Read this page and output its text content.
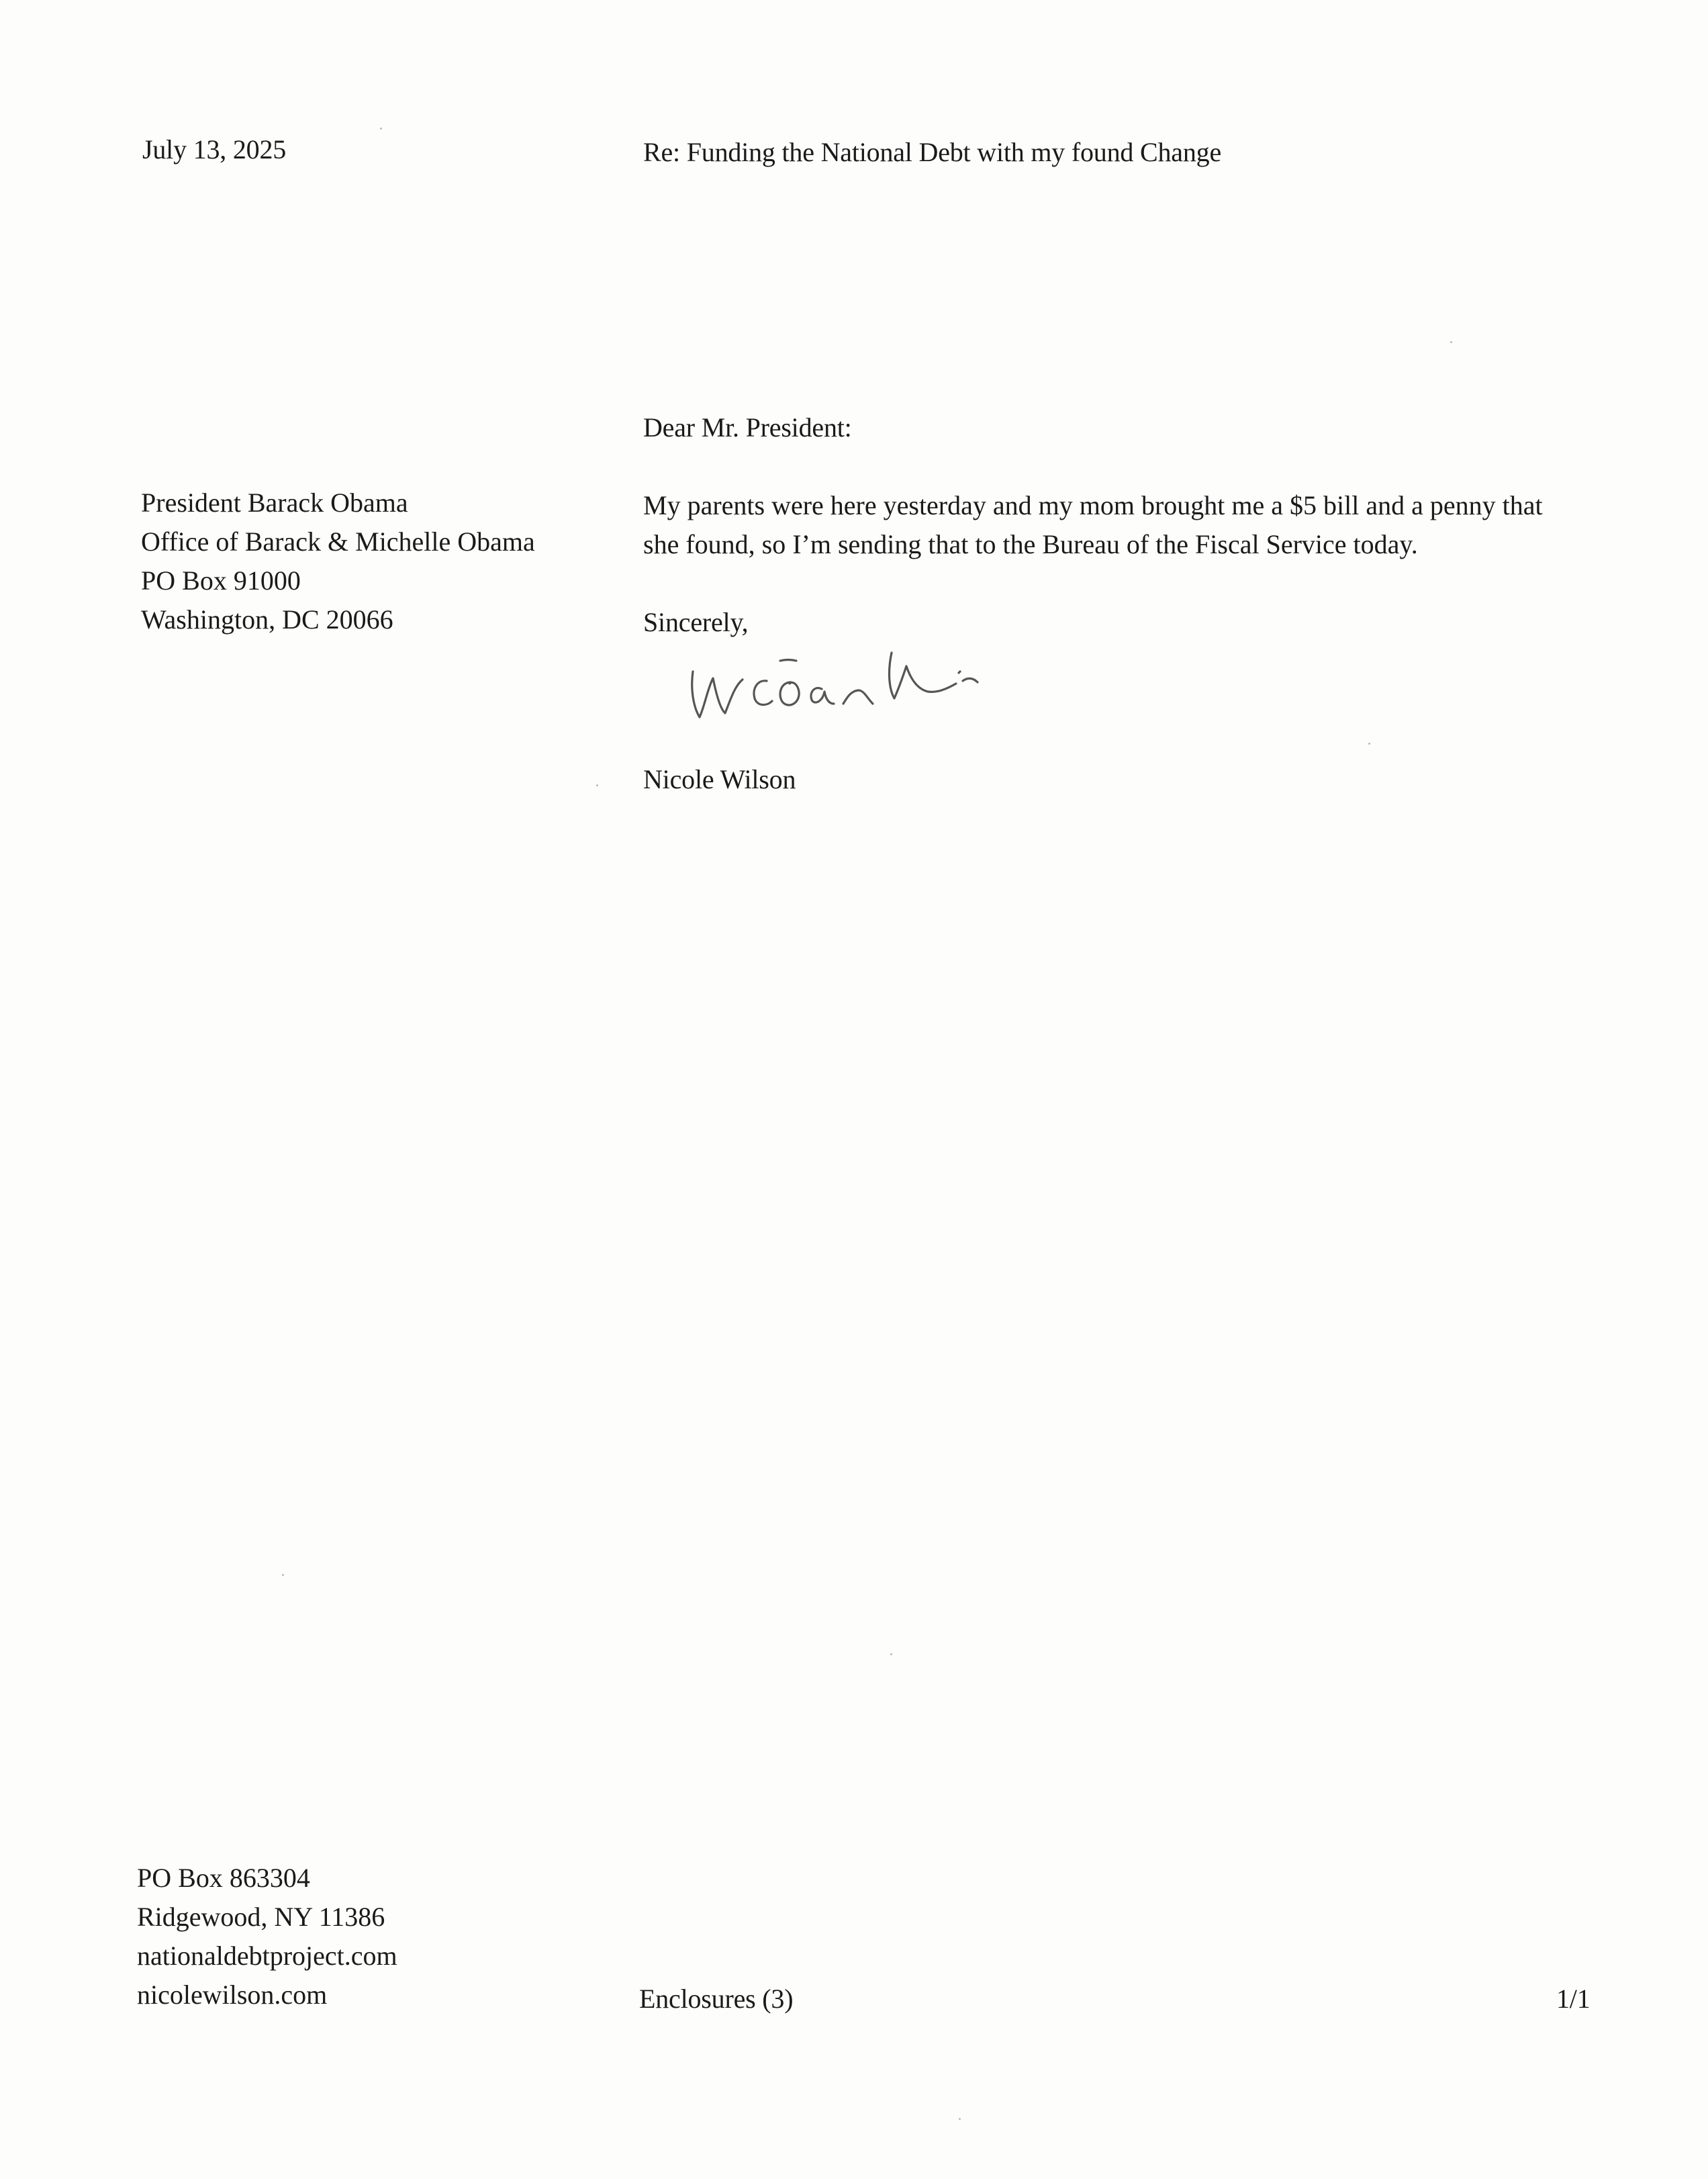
July 13, 2025	Re: Funding the National Debt with my found Change
President Barack Obama
Office of Barack & Michelle Obama
PO Box 91000
Washington, DC 20066
Dear Mr. President:
My parents were here yesterday and my mom brought me a $5 bill and a penny that
she found, so I’m sending that to the Bureau of the Fiscal Service today.
Sincerely,
Nicole Wilson
PO Box 863304
Ridgewood, NY 11386
nationaldebtproject.com
nicolewilson.com	Enclosures (3)	1/1
